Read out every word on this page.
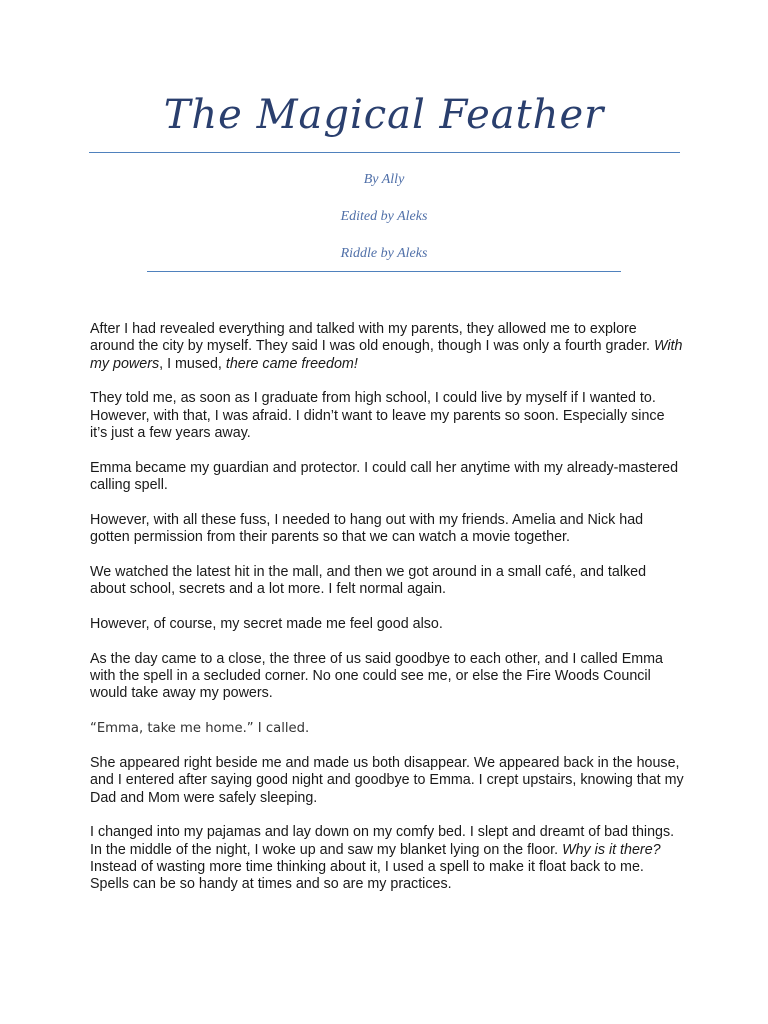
The Magical Feather
By Ally
Edited by Aleks
Riddle by Aleks

After I had revealed everything and talked with my parents, they allowed me to explore around the city by myself. They said I was old enough, though I was only a fourth grader. With my powers, I mused, there came freedom!

They told me, as soon as I graduate from high school, I could live by myself if I wanted to. However, with that, I was afraid. I didn’t want to leave my parents so soon. Especially since it’s just a few years away.

Emma became my guardian and protector. I could call her anytime with my already-mastered calling spell.

However, with all these fuss, I needed to hang out with my friends. Amelia and Nick had gotten permission from their parents so that we can watch a movie together.

We watched the latest hit in the mall, and then we got around in a small café, and talked about school, secrets and a lot more. I felt normal again.

However, of course, my secret made me feel good also.

As the day came to a close, the three of us said goodbye to each other, and I called Emma with the spell in a secluded corner. No one could see me, or else the Fire Woods Council would take away my powers.

“Emma, take me home.” I called.

She appeared right beside me and made us both disappear. We appeared back in the house, and I entered after saying good night and goodbye to Emma. I crept upstairs, knowing that my Dad and Mom were safely sleeping.

I changed into my pajamas and lay down on my comfy bed. I slept and dreamt of bad things. In the middle of the night, I woke up and saw my blanket lying on the floor. Why is it there? Instead of wasting more time thinking about it, I used a spell to make it float back to me. Spells can be so handy at times and so are my practices.
